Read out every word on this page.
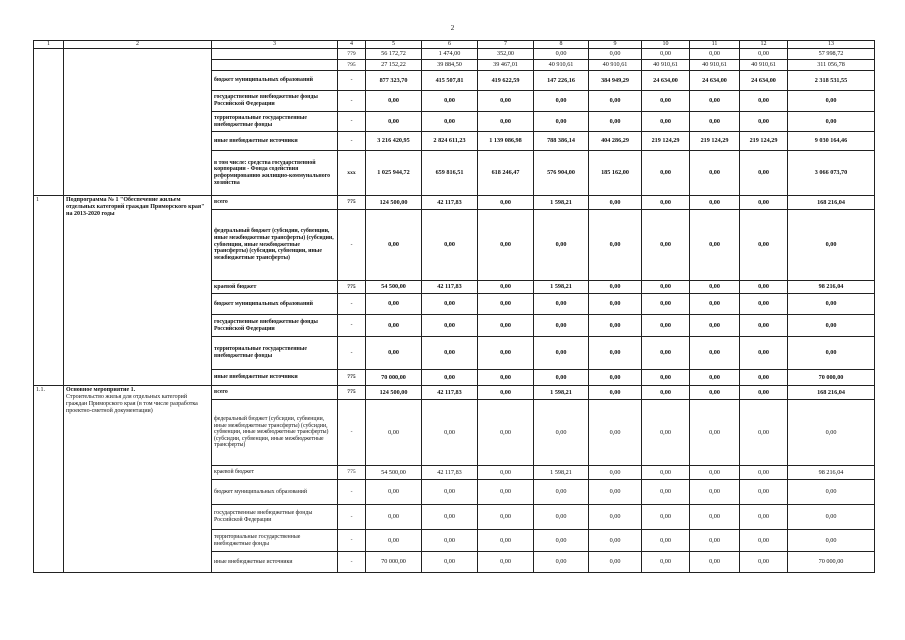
2
1	2	3	4	5	6	7	8	9	10	11	12	13
			779	56 172,72	1 474,00	352,00	0,00	0,00	0,00	0,00	0,00	57 998,72
			795	27 152,22	39 884,50	39 467,01	40 910,61	40 910,61	40 910,61	40 910,61	40 910,61	311 056,78
		бюджет муниципальных образований	-	877 323,70	415 507,81	419 622,59	147 226,16	384 949,29	24 634,00	24 634,00	24 634,00	2 318 531,55
		государственные внебюджетные фонды Российской Федерации	-	0,00	0,00	0,00	0,00	0,00	0,00	0,00	0,00	0,00
		территориальные государственные внебюджетные фонды	-	0,00	0,00	0,00	0,00	0,00	0,00	0,00	0,00	0,00
		иные внебюджетные источники	-	3 216 420,95	2 824 611,23	1 139 086,98	788 386,14	404 286,29	219 124,29	219 124,29	219 124,29	9 030 164,46
		в том числе: средства государственной корпорации - Фонда содействия реформированию жилищно-коммунального хозяйства	ххх	1 025 944,72	659 816,51	618 246,47	576 904,00	185 162,00	0,00	0,00	0,00	3 066 073,70
1	Подпрограмма № 1 "Обеспечение жильем отдельных категорий граждан Приморского края" на 2013-2020 годы	всего	775	124 500,00	42 117,83	0,00	1 598,21	0,00	0,00	0,00	0,00	168 216,04
		федеральный бюджет (субсидии, субвенции, иные межбюджетные трансферты) (субсидии, субвенции, иные межбюджетные трансферты) (субсидии, субвенции, иные межбюджетные трансферты)	-	0,00	0,00	0,00	0,00	0,00	0,00	0,00	0,00	0,00
		краевой бюджет	775	54 500,00	42 117,83	0,00	1 598,21	0,00	0,00	0,00	0,00	98 216,04
		бюджет муниципальных образований	-	0,00	0,00	0,00	0,00	0,00	0,00	0,00	0,00	0,00
		государственные внебюджетные фонды Российской Федерации	-	0,00	0,00	0,00	0,00	0,00	0,00	0,00	0,00	0,00
		территориальные государственные внебюджетные фонды	-	0,00	0,00	0,00	0,00	0,00	0,00	0,00	0,00	0,00
		иные внебюджетные источники	775	70 000,00	0,00	0,00	0,00	0,00	0,00	0,00	0,00	70 000,00
1.1.	Основное мероприятие 1.
Строительство жилья для отдельных категорий граждан Приморского края (в том числе разработка проектно-сметной документации)	всего	775	124 500,00	42 117,83	0,00	1 598,21	0,00	0,00	0,00	0,00	168 216,04
		федеральный бюджет (субсидии, субвенции, иные межбюджетные трансферты) (субсидии, субвенции, иные межбюджетные трансферты) (субсидии, субвенции, иные межбюджетные трансферты)	-	0,00	0,00	0,00	0,00	0,00	0,00	0,00	0,00	0,00
		краевой бюджет	775	54 500,00	42 117,83	0,00	1 598,21	0,00	0,00	0,00	0,00	98 216,04
		бюджет муниципальных образований	-	0,00	0,00	0,00	0,00	0,00	0,00	0,00	0,00	0,00
		государственные внебюджетные фонды Российской Федерации	-	0,00	0,00	0,00	0,00	0,00	0,00	0,00	0,00	0,00
		территориальные государственные внебюджетные фонды	-	0,00	0,00	0,00	0,00	0,00	0,00	0,00	0,00	0,00
		иные внебюджетные источники	-	70 000,00	0,00	0,00	0,00	0,00	0,00	0,00	0,00	70 000,00
